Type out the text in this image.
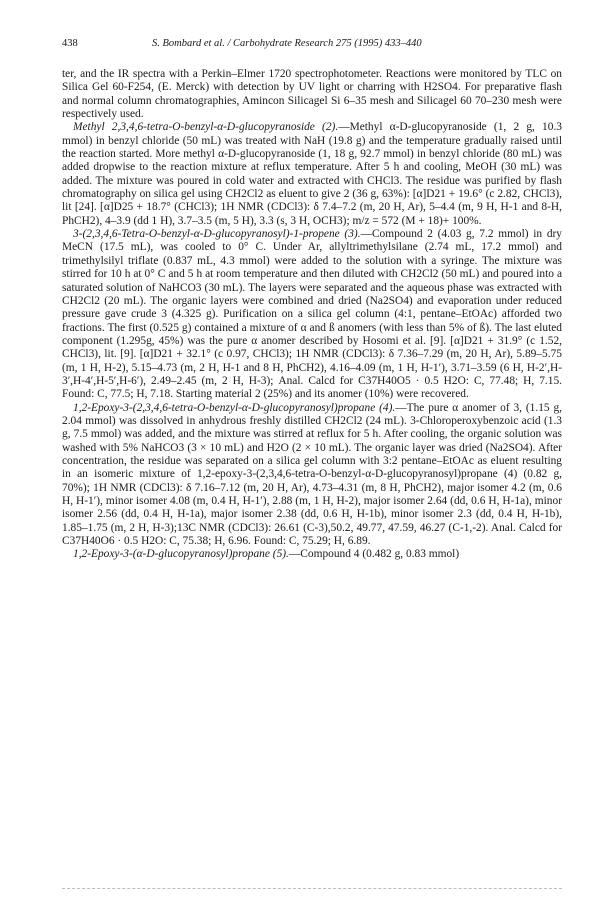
438	S. Bombard et al. / Carbohydrate Research 275 (1995) 433–440

ter, and the IR spectra with a Perkin–Elmer 1720 spectrophotometer. Reactions were monitored by TLC on Silica Gel 60-F254, (E. Merck) with detection by UV light or charring with H2SO4. For preparative flash and normal column chromatographies, Amincon Silicagel Si 6–35 mesh and Silicagel 60 70–230 mesh were respectively used.

Methyl 2,3,4,6-tetra-O-benzyl-α-D-glucopyranoside (2).—Methyl α-D-glucopyranoside (1, 2 g, 10.3 mmol) in benzyl chloride (50 mL) was treated with NaH (19.8 g) and the temperature gradually raised until the reaction started. More methyl α-D-glucopyranoside (1, 18 g, 92.7 mmol) in benzyl chloride (80 mL) was added dropwise to the reaction mixture at reflux temperature. After 5 h and cooling, MeOH (30 mL) was added. The mixture was poured in cold water and extracted with CHCl3. The residue was purified by flash chromatography on silica gel using CH2Cl2 as eluent to give 2 (36 g, 63%): [α]D21 + 19.6° (c 2.82, CHCl3), lit [24]. [α]D25 + 18.7° (CHCl3); 1H NMR (CDCl3): δ 7.4–7.2 (m, 20 H, Ar), 5–4.4 (m, 9 H, H-1 and 8-H, PhCH2), 4–3.9 (dd 1 H), 3.7–3.5 (m, 5 H), 3.3 (s, 3 H, OCH3); m/z = 572 (M + 18)+ 100%.

3-(2,3,4,6-Tetra-O-benzyl-α-D-glucopyranosyl)-1-propene (3).—Compound 2 (4.03 g, 7.2 mmol) in dry MeCN (17.5 mL), was cooled to 0° C. Under Ar, allyltrimethylsilane (2.74 mL, 17.2 mmol) and trimethylsilyl triflate (0.837 mL, 4.3 mmol) were added to the solution with a syringe. The mixture was stirred for 10 h at 0° C and 5 h at room temperature and then diluted with CH2Cl2 (50 mL) and poured into a saturated solution of NaHCO3 (30 mL). The layers were separated and the aqueous phase was extracted with CH2Cl2 (20 mL). The organic layers were combined and dried (Na2SO4) and evaporation under reduced pressure gave crude 3 (4.325 g). Purification on a silica gel column (4:1, pentane–EtOAc) afforded two fractions. The first (0.525 g) contained a mixture of α and ß anomers (with less than 5% of ß). The last eluted component (1.295g, 45%) was the pure α anomer described by Hosomi et al. [9]. [α]D21 + 31.9° (c 1.52, CHCl3), lit. [9]. [α]D21 + 32.1° (c 0.97, CHCl3); 1H NMR (CDCl3): δ 7.36–7.29 (m, 20 H, Ar), 5.89–5.75 (m, 1 H, H-2), 5.15–4.73 (m, 2 H, H-1 and 8 H, PhCH2), 4.16–4.09 (m, 1 H, H-1′), 3.71–3.59 (6 H, H-2′,H-3′,H-4′,H-5′,H-6′), 2.49–2.45 (m, 2 H, H-3); Anal. Calcd for C37H40O5 · 0.5 H2O: C, 77.48; H, 7.15. Found: C, 77.5; H, 7.18. Starting material 2 (25%) and its anomer (10%) were recovered.

1,2-Epoxy-3-(2,3,4,6-tetra-O-benzyl-α-D-glucopyranosyl)propane (4).—The pure α anomer of 3, (1.15 g, 2.04 mmol) was dissolved in anhydrous freshly distilled CH2Cl2 (24 mL). 3-Chloroperoxybenzoic acid (1.3 g, 7.5 mmol) was added, and the mixture was stirred at reflux for 5 h. After cooling, the organic solution was washed with 5% NaHCO3 (3 × 10 mL) and H2O (2 × 10 mL). The organic layer was dried (Na2SO4). After concentration, the residue was separated on a silica gel column with 3:2 pentane–EtOAc as eluent resulting in an isomeric mixture of 1,2-epoxy-3-(2,3,4,6-tetra-O-benzyl-α-D-glucopyranosyl)propane (4) (0.82 g, 70%); 1H NMR (CDCl3): δ 7.16–7.12 (m, 20 H, Ar), 4.73–4.31 (m, 8 H, PhCH2), major isomer 4.2 (m, 0.6 H, H-1′), minor isomer 4.08 (m, 0.4 H, H-1′), 2.88 (m, 1 H, H-2), major isomer 2.64 (dd, 0.6 H, H-1a), minor isomer 2.56 (dd, 0.4 H, H-1a), major isomer 2.38 (dd, 0.6 H, H-1b), minor isomer 2.3 (dd, 0.4 H, H-1b), 1.85–1.75 (m, 2 H, H-3);13C NMR (CDCl3): 26.61 (C-3),50.2, 49.77, 47.59, 46.27 (C-1,-2). Anal. Calcd for C37H40O6 · 0.5 H2O: C, 75.38; H, 6.96. Found: C, 75.29; H, 6.89.

1,2-Epoxy-3-(α-D-glucopyranosyl)propane (5).—Compound 4 (0.482 g, 0.83 mmol)
